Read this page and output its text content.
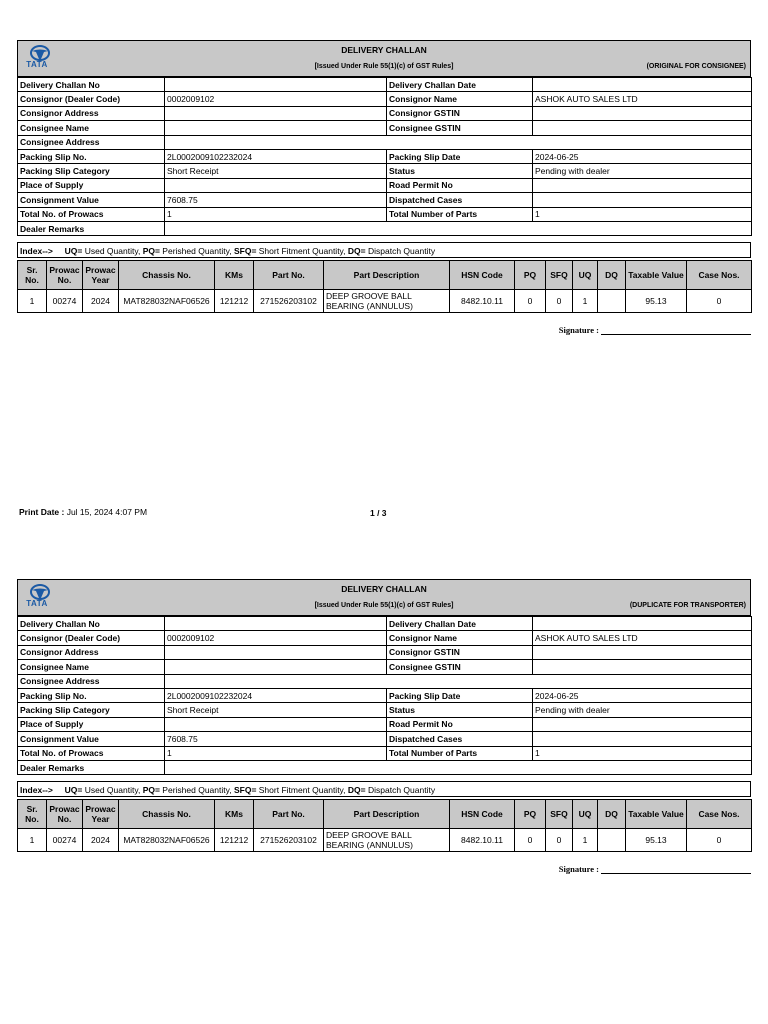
TATA
DELIVERY CHALLAN
[Issued Under Rule 55(1)(c) of GST Rules]	(ORIGINAL FOR CONSIGNEE)
Delivery Challan No		Delivery Challan Date	
Consignor (Dealer Code)	0002009102	Consignor Name	ASHOK AUTO SALES LTD
Consignor Address		Consignor GSTIN	
Consignee Name		Consignee GSTIN	
Consignee Address			
Packing Slip No.	2L0002009102232024	Packing Slip Date	2024-06-25
Packing Slip Category	Short Receipt	Status	Pending with dealer
Place of Supply		Road Permit No	
Consignment Value	7608.75	Dispatched Cases	
Total No. of Prowacs	1	Total Number of Parts	1
Dealer Remarks			
Index--> UQ= Used Quantity, PQ= Perished Quantity, SFQ= Short Fitment Quantity, DQ= Dispatch Quantity
Sr. No.	Prowac No.	Prowac Year	Chassis No.	KMs	Part No.	Part Description	HSN Code	PQ	SFQ	UQ	DQ	Taxable Value	Case Nos.
1	00274	2024	MAT828032NAF06526	121212	271526203102	DEEP GROOVE BALL BEARING (ANNULUS)	8482.10.11	0	0	1		95.13	0
Signature :
Print Date : Jul 15, 2024 4:07 PM	1 / 3
TATA
DELIVERY CHALLAN
[Issued Under Rule 55(1)(c) of GST Rules]	(DUPLICATE FOR TRANSPORTER)
Delivery Challan No		Delivery Challan Date	
Consignor (Dealer Code)	0002009102	Consignor Name	ASHOK AUTO SALES LTD
Consignor Address		Consignor GSTIN	
Consignee Name		Consignee GSTIN	
Consignee Address			
Packing Slip No.	2L0002009102232024	Packing Slip Date	2024-06-25
Packing Slip Category	Short Receipt	Status	Pending with dealer
Place of Supply		Road Permit No	
Consignment Value	7608.75	Dispatched Cases	
Total No. of Prowacs	1	Total Number of Parts	1
Dealer Remarks			
Index--> UQ= Used Quantity, PQ= Perished Quantity, SFQ= Short Fitment Quantity, DQ= Dispatch Quantity
Sr. No.	Prowac No.	Prowac Year	Chassis No.	KMs	Part No.	Part Description	HSN Code	PQ	SFQ	UQ	DQ	Taxable Value	Case Nos.
1	00274	2024	MAT828032NAF06526	121212	271526203102	DEEP GROOVE BALL BEARING (ANNULUS)	8482.10.11	0	0	1		95.13	0
Signature :
